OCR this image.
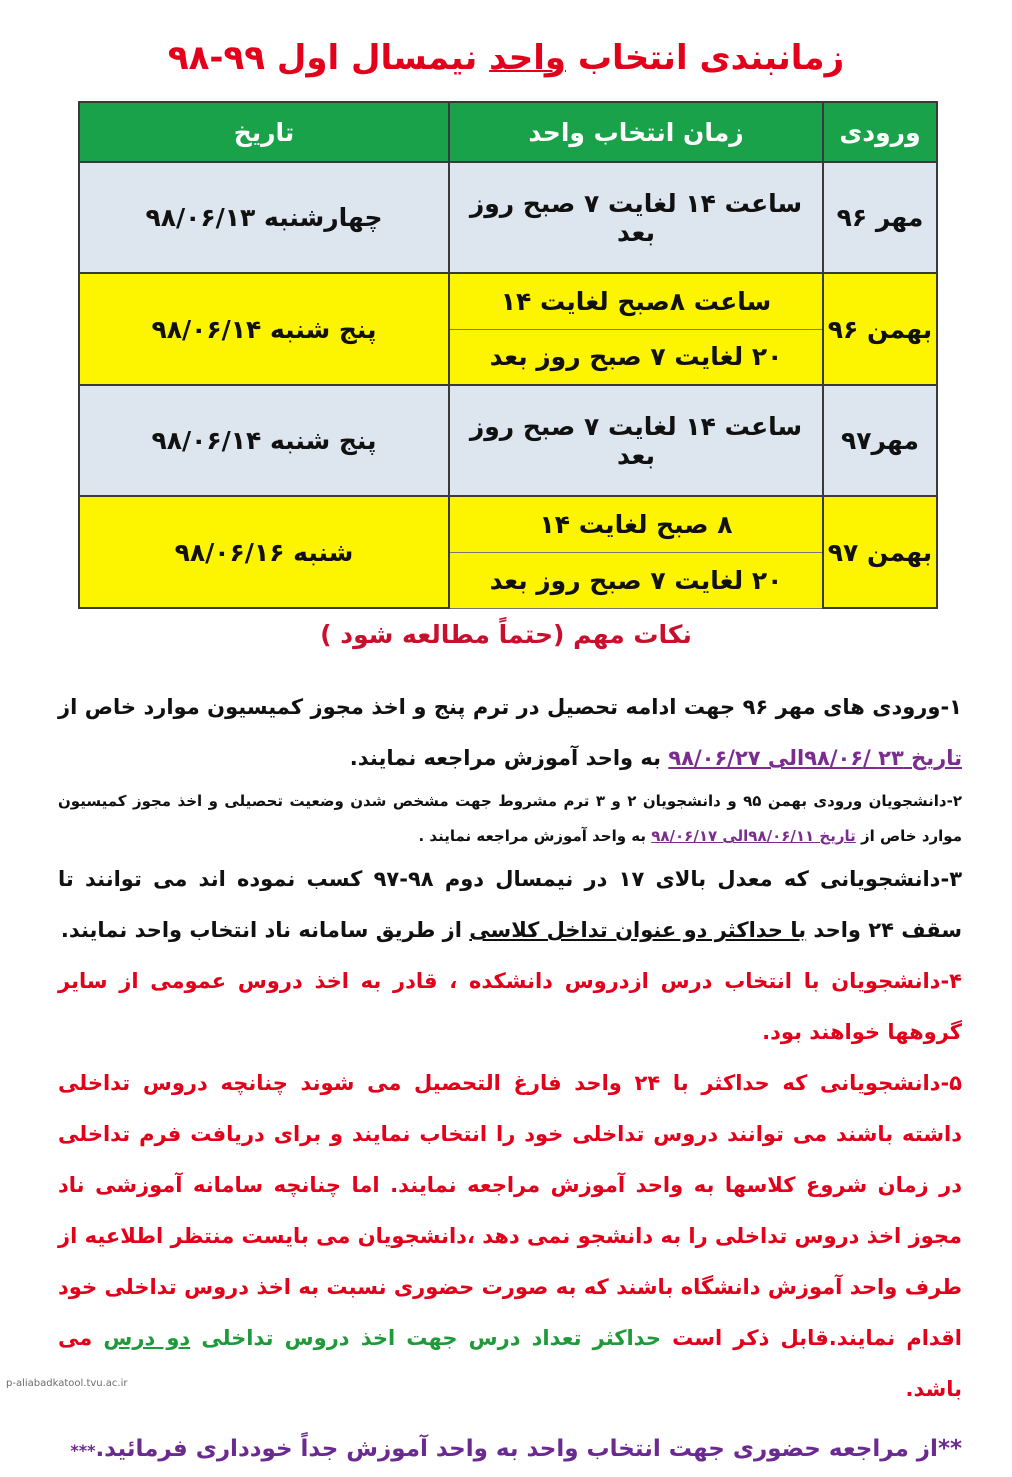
زمانبندی انتخاب واحد نیمسال اول ۹۹-۹۸
ورودی	زمان انتخاب واحد	تاریخ
مهر ۹۶	ساعت ۱۴ لغایت ۷ صبح روز بعد	چهارشنبه ۹۸/۰۶/۱۳
بهمن ۹۶	ساعت ۸صبح لغایت ۱۴	پنج شنبه ۹۸/۰۶/۱۴
	۲۰ لغایت ۷ صبح روز بعد	
مهر۹۷	ساعت ۱۴ لغایت ۷ صبح روز بعد	پنج شنبه ۹۸/۰۶/۱۴
بهمن ۹۷	۸ صبح لغایت ۱۴	شنبه ۹۸/۰۶/۱۶
	۲۰ لغایت ۷ صبح روز بعد	
نکات مهم (حتماً مطالعه شود )

۱-ورودی های مهر ۹۶ جهت ادامه تحصیل در ترم پنج و اخذ مجوز کمیسیون موارد خاص از تاریخ ۲۳ /۹۸/۰۶الی ۹۸/۰۶/۲۷ به واحد آموزش مراجعه نمایند.

۲-دانشجویان ورودی بهمن ۹۵ و دانشجویان ۲ و ۳ ترم مشروط جهت مشخص شدن وضعیت تحصیلی و اخذ مجوز کمیسیون موارد خاص از تاریخ ۹۸/۰۶/۱۱الی ۹۸/۰۶/۱۷ به واحد آموزش مراجعه نمایند .

۳-دانشجویانی که معدل بالای ۱۷ در نیمسال دوم ۹۸-۹۷ کسب نموده اند می توانند تا سقف ۲۴ واحد با حداکثر دو عنوان تداخل کلاسی از طریق سامانه ناد انتخاب واحد نمایند.

۴-دانشجویان با انتخاب درس ازدروس دانشکده ، قادر به اخذ دروس عمومی از سایر گروهها خواهند بود.

۵-دانشجویانی که حداکثر با ۲۴ واحد فارغ التحصیل می شوند چنانچه دروس تداخلی داشته باشند می توانند دروس تداخلی خود را انتخاب نمایند و برای دریافت فرم تداخلی در زمان شروع کلاسها به واحد آموزش مراجعه نمایند. اما چنانچه سامانه آموزشی ناد مجوز اخذ دروس تداخلی را به دانشجو نمی دهد ،دانشجویان می بایست منتظر اطلاعیه از طرف واحد آموزش دانشگاه باشند که به صورت حضوری نسبت به اخذ دروس تداخلی خود اقدام نمایند.قابل ذکر است حداکثر تعداد درس جهت اخذ دروس تداخلی دو درس می باشد.

**از مراجعه حضوری جهت انتخاب واحد به واحد آموزش جداً خودداری فرمائید.***

p-aliabadkatool.tvu.ac.ir
